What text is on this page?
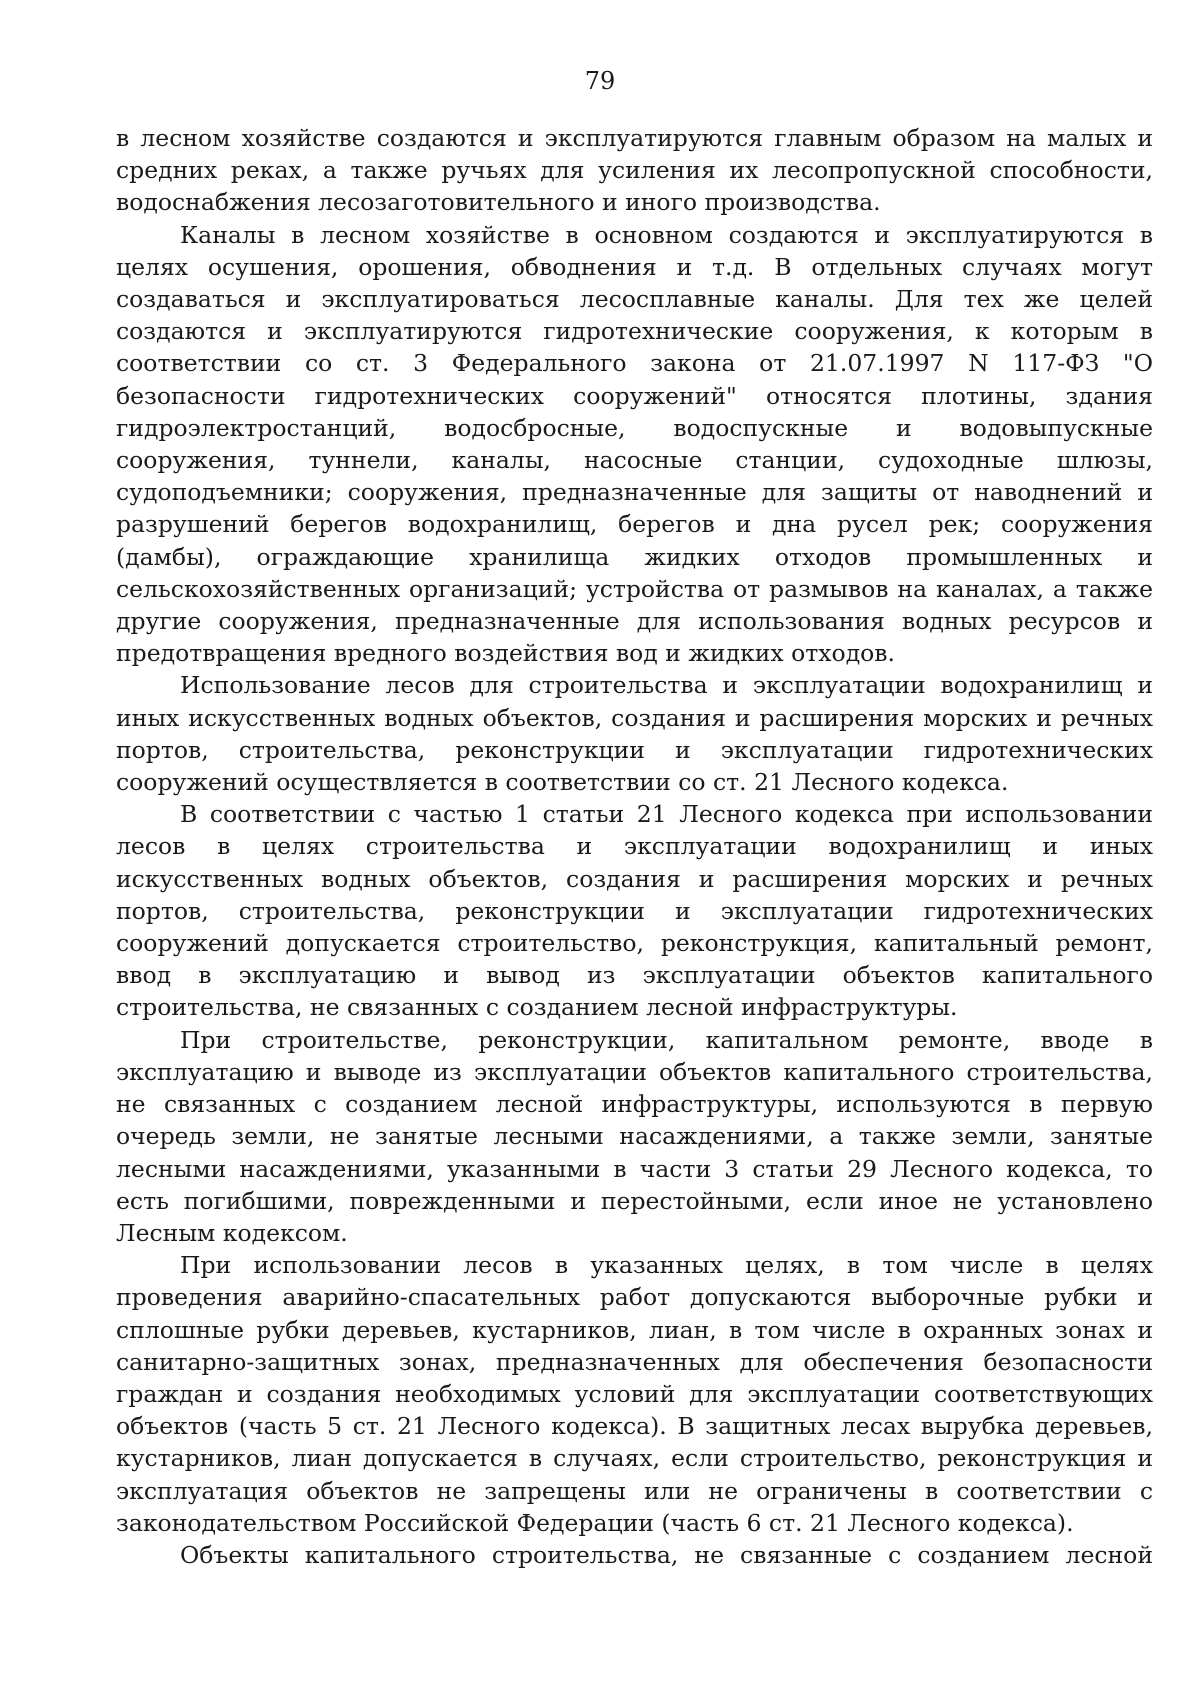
79

в лесном хозяйстве создаются и эксплуатируются главным образом на малых и средних реках, а также ручьях для усиления их лесопропускной способности, водоснабжения лесозаготовительного и иного производства.

Каналы в лесном хозяйстве в основном создаются и эксплуатируются в целях осушения, орошения, обводнения и т.д. В отдельных случаях могут создаваться и эксплуатироваться лесосплавные каналы. Для тех же целей создаются и эксплуатируются гидротехнические сооружения, к которым в соответствии со ст. 3 Федерального закона от 21.07.1997 N 117-ФЗ "О безопасности гидротехнических сооружений" относятся плотины, здания гидроэлектростанций, водосбросные, водоспускные и водовыпускные сооружения, туннели, каналы, насосные станции, судоходные шлюзы, судоподъемники; сооружения, предназначенные для защиты от наводнений и разрушений берегов водохранилищ, берегов и дна русел рек; сооружения (дамбы), ограждающие хранилища жидких отходов промышленных и сельскохозяйственных организаций; устройства от размывов на каналах, а также другие сооружения, предназначенные для использования водных ресурсов и предотвращения вредного воздействия вод и жидких отходов.

Использование лесов для строительства и эксплуатации водохранилищ и иных искусственных водных объектов, создания и расширения морских и речных портов, строительства, реконструкции и эксплуатации гидротехнических сооружений осуществляется в соответствии со ст. 21 Лесного кодекса.

В соответствии с частью 1 статьи 21 Лесного кодекса при использовании лесов в целях строительства и эксплуатации водохранилищ и иных искусственных водных объектов, создания и расширения морских и речных портов, строительства, реконструкции и эксплуатации гидротехнических сооружений допускается строительство, реконструкция, капитальный ремонт, ввод в эксплуатацию и вывод из эксплуатации объектов капитального строительства, не связанных с созданием лесной инфраструктуры.

При строительстве, реконструкции, капитальном ремонте, вводе в эксплуатацию и выводе из эксплуатации объектов капитального строительства, не связанных с созданием лесной инфраструктуры, используются в первую очередь земли, не занятые лесными насаждениями, а также земли, занятые лесными насаждениями, указанными в части 3 статьи 29 Лесного кодекса, то есть погибшими, поврежденными и перестойными, если иное не установлено Лесным кодексом.

При использовании лесов в указанных целях, в том числе в целях проведения аварийно-спасательных работ допускаются выборочные рубки и сплошные рубки деревьев, кустарников, лиан, в том числе в охранных зонах и санитарно-защитных зонах, предназначенных для обеспечения безопасности граждан и создания необходимых условий для эксплуатации соответствующих объектов (часть 5 ст. 21 Лесного кодекса). В защитных лесах вырубка деревьев, кустарников, лиан допускается в случаях, если строительство, реконструкция и эксплуатация объектов не запрещены или не ограничены в соответствии с законодательством Российской Федерации (часть 6 ст. 21 Лесного кодекса).

Объекты капитального строительства, не связанные с созданием лесной
